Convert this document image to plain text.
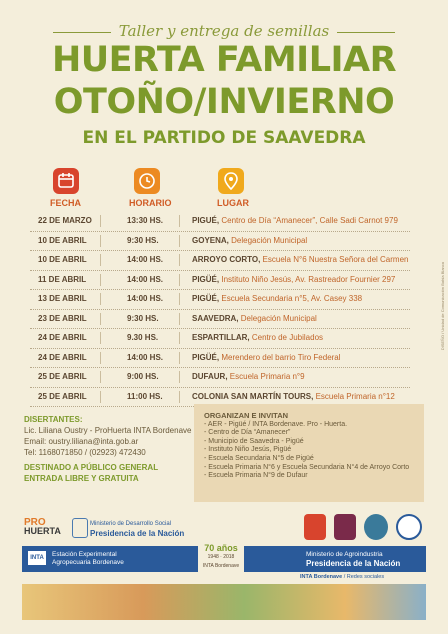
Taller y entrega de semillas
HUERTA FAMILIAR
OTOÑO/INVIERNO
EN EL PARTIDO DE SAAVEDRA
FECHA	HORARIO	LUGAR
22 DE MARZO	13:30 HS.	PIGUÉ, Centro de Día “Amanecer”, Calle Sadi Carnot 979
10 DE ABRIL	9:30 HS.	GOYENA, Delegación Municipal
10 DE ABRIL	14:00 HS.	ARROYO CORTO, Escuela N°6 Nuestra Señora del Carmen
11 DE ABRIL	14:00 HS.	PIGÜÉ, Instituto Niño Jesús, Av. Rastreador Fournier 297
13 DE ABRIL	14:00 HS.	PIGÜÉ, Escuela Secundaria n°5, Av. Casey 338
23 DE ABRIL	9:30 HS.	SAAVEDRA, Delegación Municipal
24 DE ABRIL	9.30 HS.	ESPARTILLAR, Centro de Jubilados
24 DE ABRIL	14:00 HS.	PIGÜÉ, Merendero del barrio Tiro Federal
25 DE ABRIL	9:00 HS.	DUFAUR, Escuela Primaria n°9
25 DE ABRIL	11:00 HS.	COLONIA SAN MARTÍN TOURS, Escuela Primaria n°12
DISERTANTES:
Lic. Liliana Oustry - ProHuerta INTA Bordenave
Email: oustry.liliana@inta.gob.ar
Tel: 1168071850 / (02923) 472430
DESTINADO A PÚBLICO GENERAL
ENTRADA LIBRE Y GRATUITA
ORGANIZAN E INVITAN
- AER - Pigüé / INTA Bordenave. Pro - Huerta.
- Centro de Día “Amanecer”
- Municipio de Saavedra - Pigüé
- Instituto Niño Jesús, Pigüé
- Escuela Secundaria N°5 de Pigüé
- Escuela Primaria N°6 y Escuela Secundaria N°4 de Arroyo Corto
- Escuela Primaria N°9 de Dufaur
PRO
HUERTA
Ministerio de Desarrollo Social
Presidencia de la Nación
INTA	Estación Experimental
Agropecuaria Bordenave
70 años
1948 · 2018
INTA Bordenave
Ministerio de Agroindustria
Presidencia de la Nación
INTA Bordenave / Redes sociales
DISEÑO / Unidad de Comunicación Bahía Blanca
